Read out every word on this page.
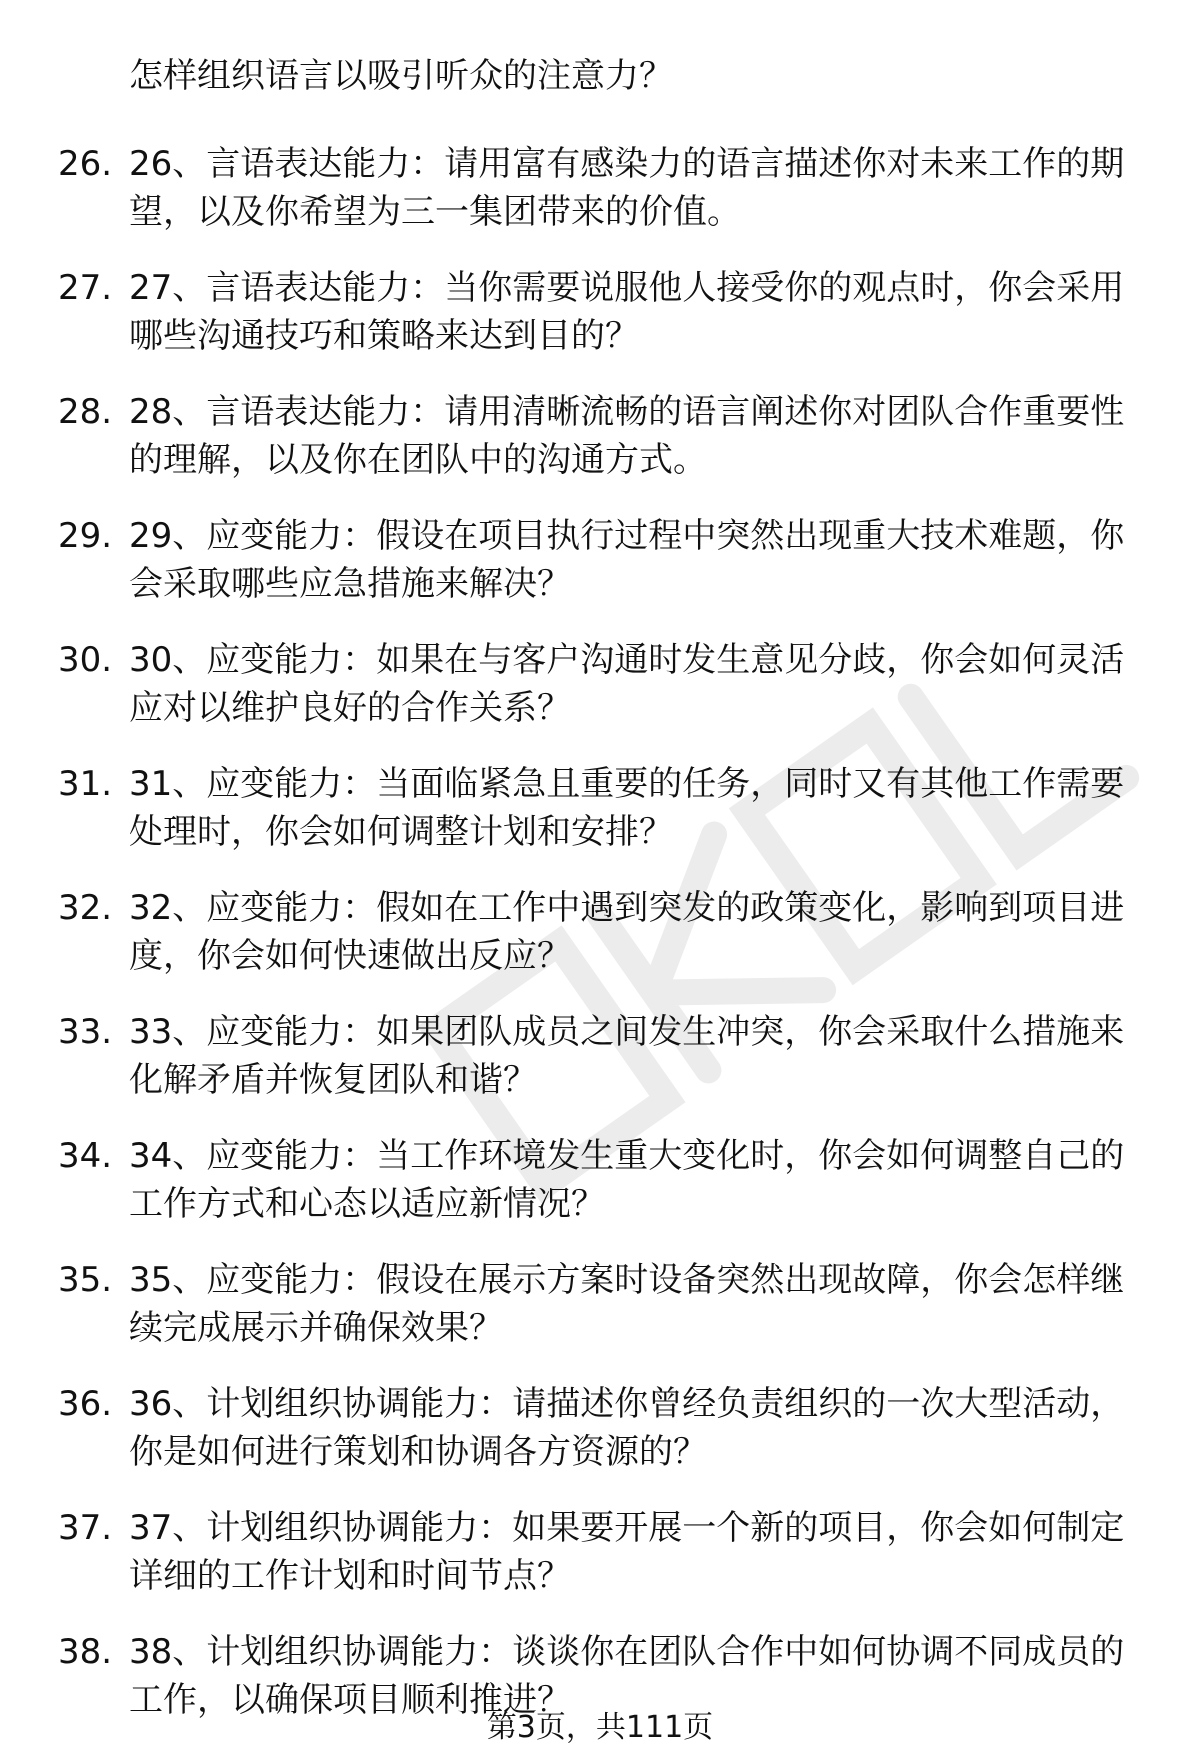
怎样组织语言以吸引听众的注意力？

26. 26、言语表达能力：请用富有感染力的语言描述你对未来工作的期望，以及你希望为三一集团带来的价值。

27. 27、言语表达能力：当你需要说服他人接受你的观点时，你会采用哪些沟通技巧和策略来达到目的？

28. 28、言语表达能力：请用清晰流畅的语言阐述你对团队合作重要性的理解，以及你在团队中的沟通方式。

29. 29、应变能力：假设在项目执行过程中突然出现重大技术难题，你会采取哪些应急措施来解决？

30. 30、应变能力：如果在与客户沟通时发生意见分歧，你会如何灵活应对以维护良好的合作关系？

31. 31、应变能力：当面临紧急且重要的任务，同时又有其他工作需要处理时，你会如何调整计划和安排？

32. 32、应变能力：假如在工作中遇到突发的政策变化，影响到项目进度，你会如何快速做出反应？

33. 33、应变能力：如果团队成员之间发生冲突，你会采取什么措施来化解矛盾并恢复团队和谐？

34. 34、应变能力：当工作环境发生重大变化时，你会如何调整自己的工作方式和心态以适应新情况？

35. 35、应变能力：假设在展示方案时设备突然出现故障，你会怎样继续完成展示并确保效果？

36. 36、计划组织协调能力：请描述你曾经负责组织的一次大型活动，你是如何进行策划和协调各方资源的？

37. 37、计划组织协调能力：如果要开展一个新的项目，你会如何制定详细的工作计划和时间节点？

38. 38、计划组织协调能力：谈谈你在团队合作中如何协调不同成员的工作，以确保项目顺利推进？

第3页，共111页
